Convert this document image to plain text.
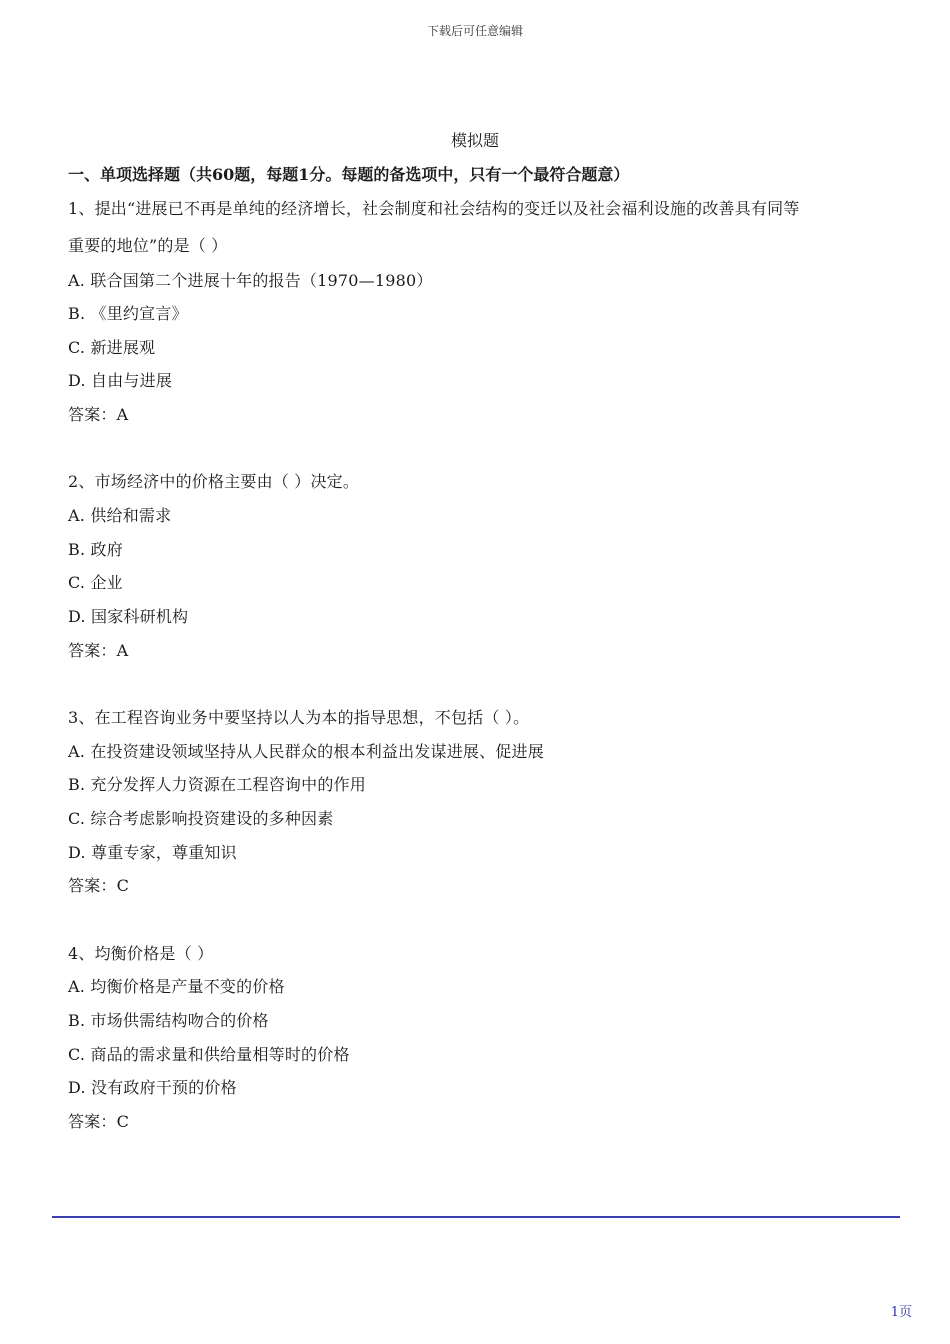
下载后可任意编辑
模拟题
一、单项选择题（共60题，每题1分。每题的备选项中，只有一个最符合题意）
1、提出“进展已不再是单纯的经济增长，社会制度和社会结构的变迁以及社会福利设施的改善具有同等
重要的地位”的是（ ）
A. 联合国第二个进展十年的报告（1970—1980）
B. 《里约宣言》
C. 新进展观
D. 自由与进展
答案：A
2、市场经济中的价格主要由（ ）决定。
A. 供给和需求
B. 政府
C. 企业
D. 国家科研机构
答案：A
3、在工程咨询业务中要坚持以人为本的指导思想，不包括（ ）。
A. 在投资建设领域坚持从人民群众的根本利益出发谋进展、促进展
B. 充分发挥人力资源在工程咨询中的作用
C. 综合考虑影响投资建设的多种因素
D. 尊重专家，尊重知识
答案：C
4、均衡价格是（ ）
A. 均衡价格是产量不变的价格
B. 市场供需结构吻合的价格
C. 商品的需求量和供给量相等时的价格
D. 没有政府干预的价格
答案：C
1页
